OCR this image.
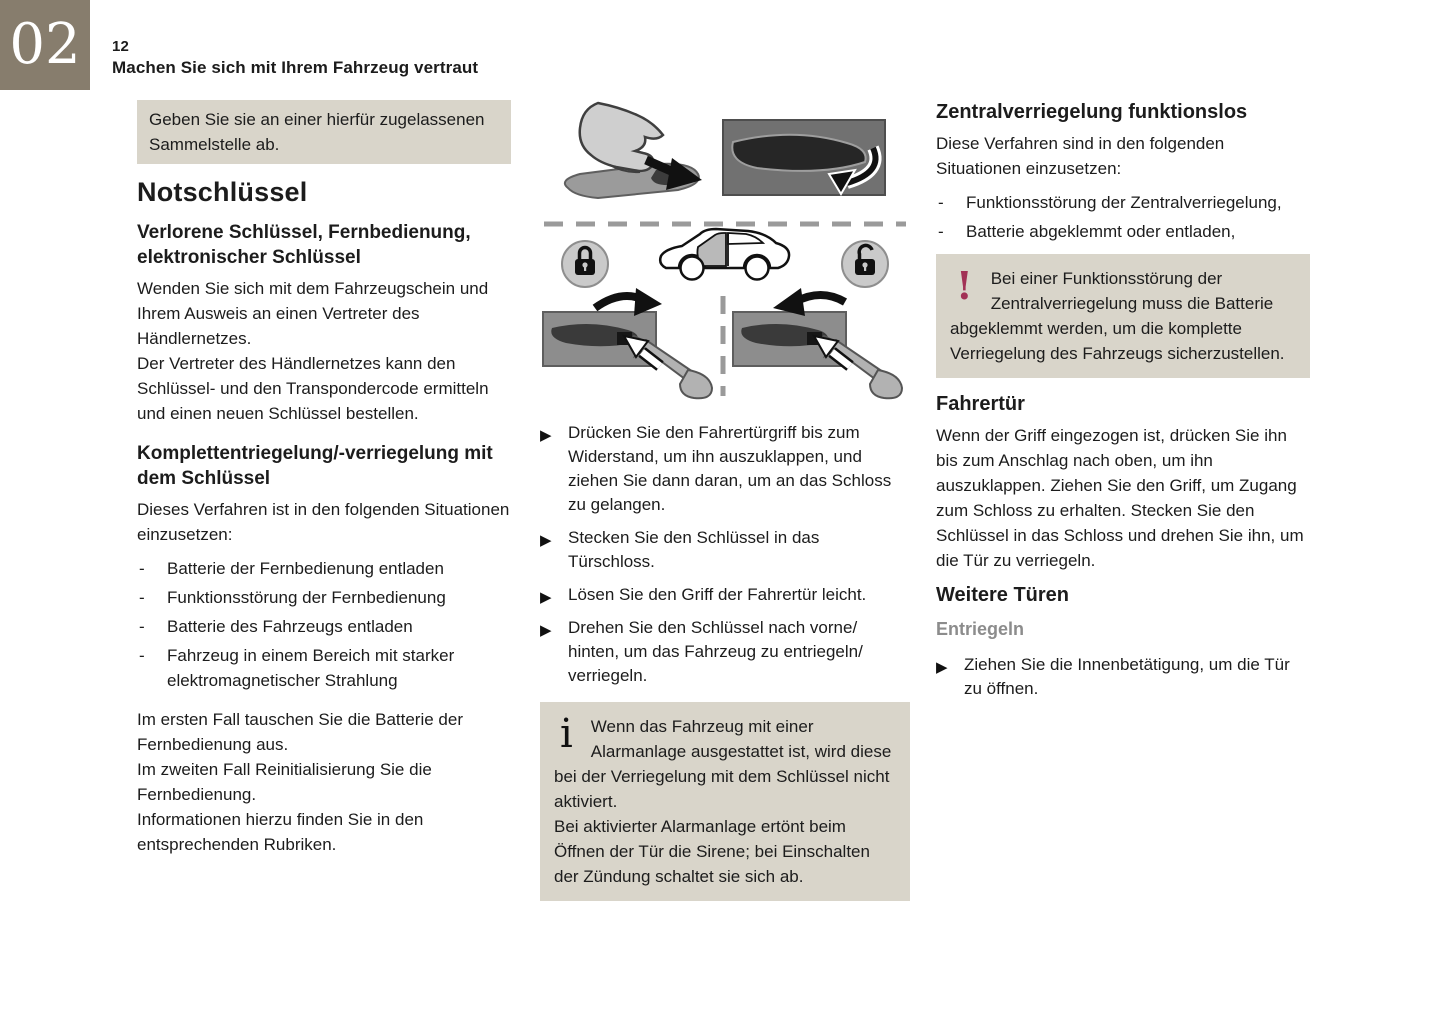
02 12
Machen Sie sich mit Ihrem Fahrzeug vertraut

Geben Sie sie an einer hierfür zugelassenen Sammelstelle ab.

Notschlüssel
Verlorene Schlüssel, Fernbedienung, elektronischer Schlüssel

Wenden Sie sich mit dem Fahrzeugschein und Ihrem Ausweis an einen Vertreter des Händlernetzes.

Der Vertreter des Händlernetzes kann den Schlüssel- und den Transpondercode ermitteln und einen neuen Schlüssel bestellen.

Komplettentriegelung/-verriegelung mit dem Schlüssel

Dieses Verfahren ist in den folgenden Situationen einzusetzen:

- Batterie der Fernbedienung entladen
- Funktionsstörung der Fernbedienung
- Batterie des Fahrzeugs entladen
- Fahrzeug in einem Bereich mit starker elektromagnetischer Strahlung

Im ersten Fall tauschen Sie die Batterie der Fernbedienung aus.

Im zweiten Fall Reinitialisierung Sie die Fernbedienung.

Informationen hierzu finden Sie in den entsprechenden Rubriken.

▶ Drücken Sie den Fahrertürgriff bis zum Widerstand, um ihn auszuklappen, und ziehen Sie dann daran, um an das Schloss zu gelangen.
▶ Stecken Sie den Schlüssel in das Türschloss.
▶ Lösen Sie den Griff der Fahrertür leicht.
▶ Drehen Sie den Schlüssel nach vorne/ hinten, um das Fahrzeug zu entriegeln/ verriegeln.
i	Wenn das Fahrzeug mit einer Alarmanlage ausgestattet ist, wird diese bei der Verriegelung mit dem Schlüssel nicht aktiviert.

Bei aktivierter Alarmanlage ertönt beim Öffnen der Tür die Sirene; bei Einschalten der Zündung schaltet sie sich ab.

Zentralverriegelung funktionslos

Diese Verfahren sind in den folgenden Situationen einzusetzen:

- Funktionsstörung der Zentralverriegelung,
- Batterie abgeklemmt oder entladen,
!	Bei einer Funktionsstörung der Zentralverriegelung muss die Batterie abgeklemmt werden, um die komplette Verriegelung des Fahrzeugs sicherzustellen.

Fahrertür

Wenn der Griff eingezogen ist, drücken Sie ihn bis zum Anschlag nach oben, um ihn auszuklappen. Ziehen Sie den Griff, um Zugang zum Schloss zu erhalten. Stecken Sie den Schlüssel in das Schloss und drehen Sie ihn, um die Tür zu verriegeln.

Weitere Türen
Entriegeln
▶ Ziehen Sie die Innenbetätigung, um die Tür zu öffnen.
